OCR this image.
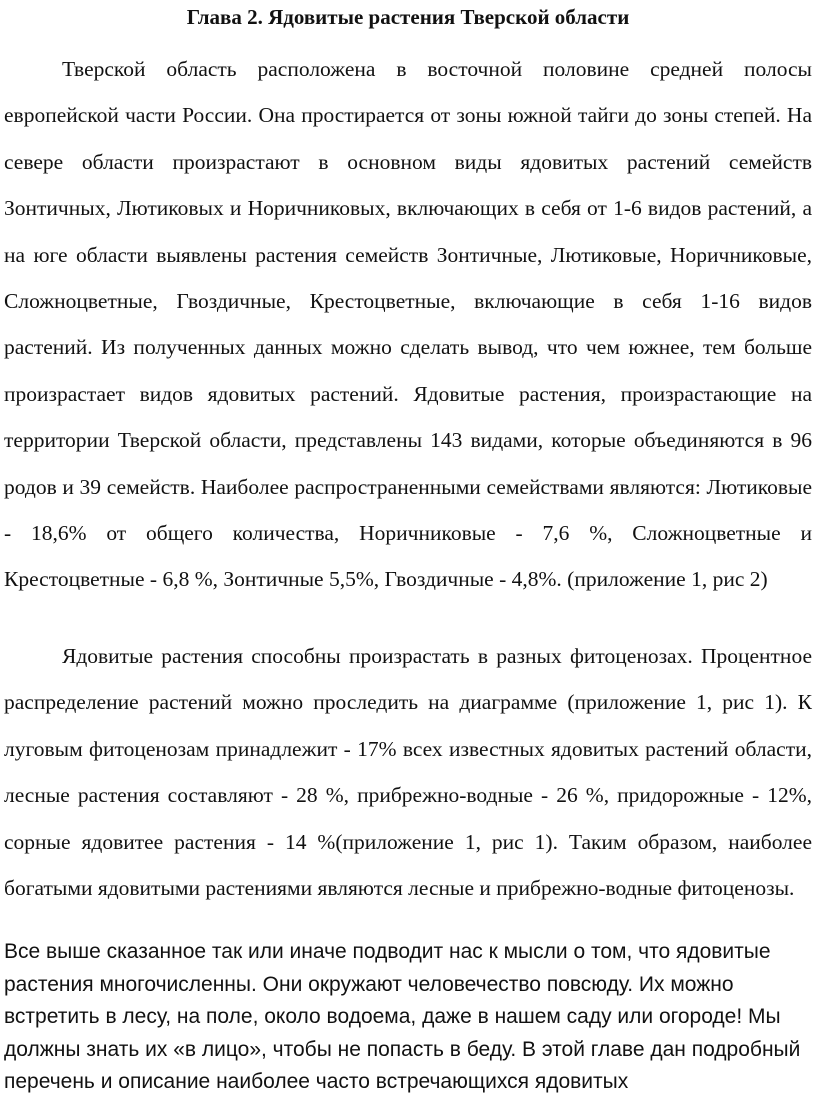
Глава 2. Ядовитые растения Тверской области

Тверской область расположена в восточной половине средней полосы европейской части России. Она простирается от зоны южной тайги до зоны степей. На севере области произрастают в основном виды ядовитых растений семейств Зонтичных, Лютиковых и Норичниковых, включающих в себя от 1-6 видов растений, а на юге области выявлены растения семейств Зонтичные, Лютиковые, Норичниковые, Сложноцветные, Гвоздичные, Крестоцветные, включающие в себя 1-16 видов растений. Из полученных данных можно сделать вывод, что чем южнее, тем больше произрастает видов ядовитых растений. Ядовитые растения, произрастающие на территории Тверской области, представлены 143 видами, которые объединяются в 96 родов и 39 семейств. Наиболее распространенными семействами являются: Лютиковые - 18,6% от общего количества, Норичниковые - 7,6 %, Сложноцветные и Крестоцветные - 6,8 %, Зонтичные 5,5%, Гвоздичные - 4,8%. (приложение 1, рис 2)

Ядовитые растения способны произрастать в разных фитоценозах. Процентное распределение растений можно проследить на диаграмме (приложение 1, рис 1). К луговым фитоценозам принадлежит - 17% всех известных ядовитых растений области, лесные растения составляют - 28 %, прибрежно-водные - 26 %, придорожные - 12%, сорные ядовитее растения - 14 %(приложение 1, рис 1). Таким образом, наиболее богатыми ядовитыми растениями являются лесные и прибрежно-водные фитоценозы.

Все выше сказанное так или иначе подводит нас к мысли о том, что ядовитые растения многочисленны. Они окружают человечество повсюду. Их можно встретить в лесу, на поле, около водоема, даже в нашем саду или огороде! Мы должны знать их «в лицо», чтобы не попасть в беду. В этой главе дан подробный перечень и описание наиболее часто встречающихся ядовитых
